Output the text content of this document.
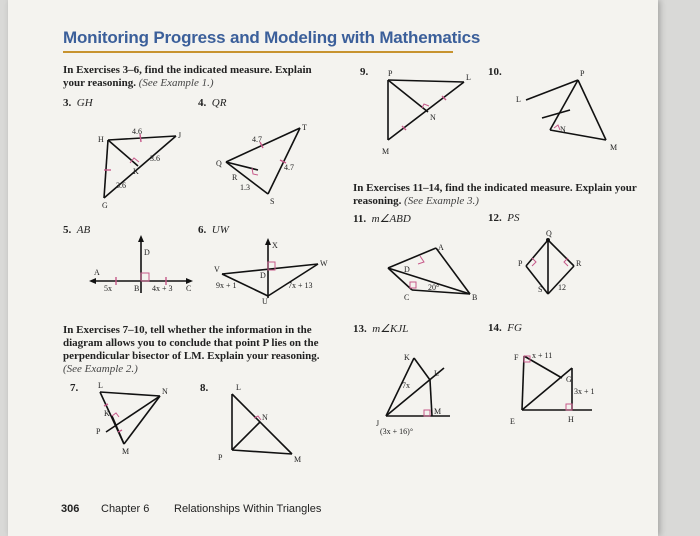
Monitoring Progress and Modeling with Mathematics
In Exercises 3–6, find the indicated measure. Explain your reasoning. (See Example 1.)
3. GH	4. QR
H	J
K
G
4.6
3.6
3.6
Q
T
R
S
4.7
4.7
1.3
5. AB	6. UW
A
B	C
D
5x	4x + 3
V
W
D
U
X
9x + 1	7x + 13
In Exercises 7–10, tell whether the information in the diagram allows you to conclude that point P lies on the perpendicular bisector of LM. Explain your reasoning. (See Example 2.)
7.	8.
L
N
K
P
M
L
N
P	M
9.	10.
P	L
N
M
P
L
N
M
In Exercises 11–14, find the indicated measure. Explain your reasoning. (See Example 3.)
11. m∠ABD	12. PS
D
A
C	B
20°
Q
P	R
S 12
13. m∠KJL	14. FG
K
L
J
M
7x
(3x + 16)°
F
G
E	H
x + 11
3x + 1
306 Chapter 6 Relationships Within Triangles
